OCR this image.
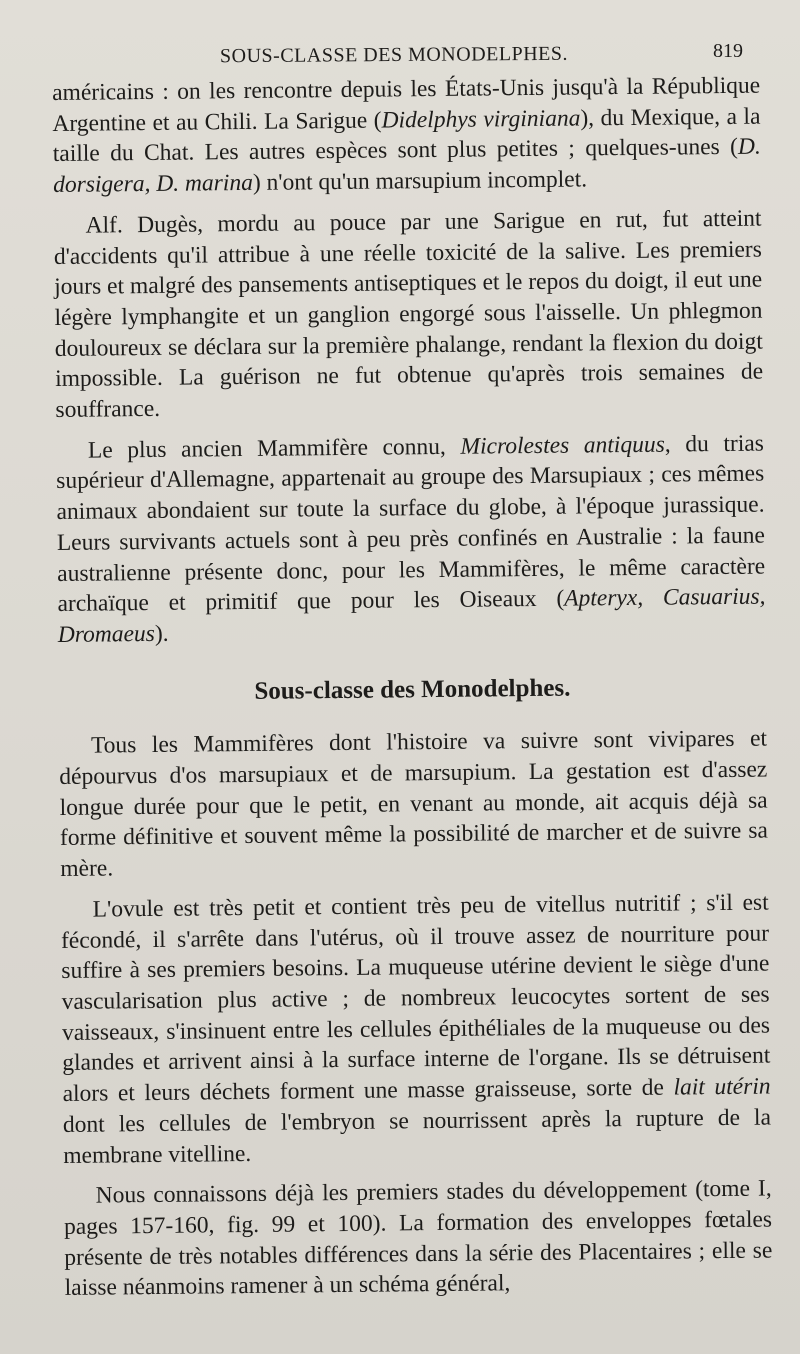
SOUS-CLASSE DES MONODELPHES.	819

américains : on les rencontre depuis les États-Unis jusqu'à la République Argentine et au Chili. La Sarigue (Didelphys virginiana), du Mexique, a la taille du Chat. Les autres espèces sont plus petites ; quelques-unes (D. dorsigera, D. marina) n'ont qu'un marsupium incomplet.

Alf. Dugès, mordu au pouce par une Sarigue en rut, fut atteint d'accidents qu'il attribue à une réelle toxicité de la salive. Les premiers jours et malgré des pansements antiseptiques et le repos du doigt, il eut une légère lymphangite et un ganglion engorgé sous l'aisselle. Un phlegmon douloureux se déclara sur la première phalange, rendant la flexion du doigt impossible. La guérison ne fut obtenue qu'après trois semaines de souffrance.

Le plus ancien Mammifère connu, Microlestes antiquus, du trias supérieur d'Allemagne, appartenait au groupe des Marsupiaux ; ces mêmes animaux abondaient sur toute la surface du globe, à l'époque jurassique. Leurs survivants actuels sont à peu près confinés en Australie : la faune australienne présente donc, pour les Mammifères, le même caractère archaïque et primitif que pour les Oiseaux (Apteryx, Casuarius, Dromaeus).

Sous-classe des Monodelphes.

Tous les Mammifères dont l'histoire va suivre sont vivipares et dépourvus d'os marsupiaux et de marsupium. La gestation est d'assez longue durée pour que le petit, en venant au monde, ait acquis déjà sa forme définitive et souvent même la possibilité de marcher et de suivre sa mère.

L'ovule est très petit et contient très peu de vitellus nutritif ; s'il est fécondé, il s'arrête dans l'utérus, où il trouve assez de nourriture pour suffire à ses premiers besoins. La muqueuse utérine devient le siège d'une vascularisation plus active ; de nombreux leucocytes sortent de ses vaisseaux, s'insinuent entre les cellules épithéliales de la muqueuse ou des glandes et arrivent ainsi à la surface interne de l'organe. Ils se détruisent alors et leurs déchets forment une masse graisseuse, sorte de lait utérin dont les cellules de l'embryon se nourrissent après la rupture de la membrane vitelline.

Nous connaissons déjà les premiers stades du développement (tome I, pages 157-160, fig. 99 et 100). La formation des enveloppes fœtales présente de très notables différences dans la série des Placentaires ; elle se laisse néanmoins ramener à un schéma général,
